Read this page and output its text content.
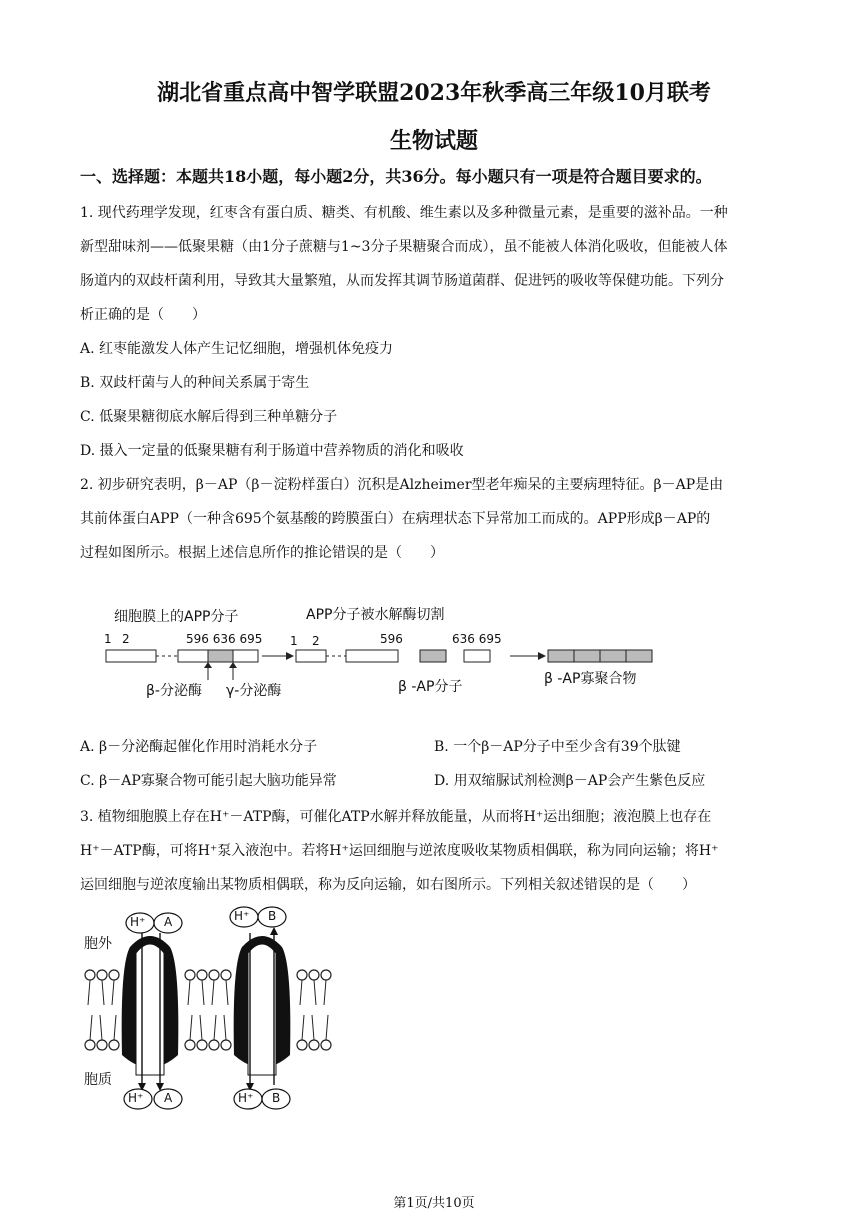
湖北省重点高中智学联盟2023年秋季高三年级10月联考
生物试题
一、选择题：本题共18小题，每小题2分，共36分。每小题只有一项是符合题目要求的。
1. 现代药理学发现，红枣含有蛋白质、糖类、有机酸、维生素以及多种微量元素，是重要的滋补品。一种
新型甜味剂——低聚果糖（由1分子蔗糖与1~3分子果糖聚合而成），虽不能被人体消化吸收，但能被人体
肠道内的双歧杆菌利用，导致其大量繁殖，从而发挥其调节肠道菌群、促进钙的吸收等保健功能。下列分
析正确的是（　　）
A. 红枣能激发人体产生记忆细胞，增强机体免疫力
B. 双歧杆菌与人的种间关系属于寄生
C. 低聚果糖彻底水解后得到三种单糖分子
D. 摄入一定量的低聚果糖有利于肠道中营养物质的消化和吸收
2. 初步研究表明，β－AP（β－淀粉样蛋白）沉积是Alzheimer型老年痴呆的主要病理特征。β－AP是由
其前体蛋白APP（一种含695个氨基酸的跨膜蛋白）在病理状态下异常加工而成的。APP形成β－AP的
过程如图所示。根据上述信息所作的推论错误的是（　　）
细胞膜上的APP分子	APP分子被水解酶切割
1 2	596 636 695 1 2	596	636 695
β-分泌酶 γ-分泌酶	β -AP分子	β -AP寡聚合物
A. β－分泌酶起催化作用时消耗水分子	B. 一个β－AP分子中至少含有39个肽键
C. β－AP寡聚合物可能引起大脑功能异常	D. 用双缩脲试剂检测β－AP会产生紫色反应
3. 植物细胞膜上存在H⁺－ATP酶，可催化ATP水解并释放能量，从而将H⁺运出细胞；液泡膜上也存在
H⁺－ATP酶，可将H⁺泵入液泡中。若将H⁺运回细胞与逆浓度吸收某物质相偶联，称为同向运输；将H⁺
运回细胞与逆浓度输出某物质相偶联，称为反向运输，如右图所示。下列相关叙述错误的是（　　）
胞外
胞质
H⁺ A	H⁺ B
H⁺ A	H⁺ B
第1页/共10页
